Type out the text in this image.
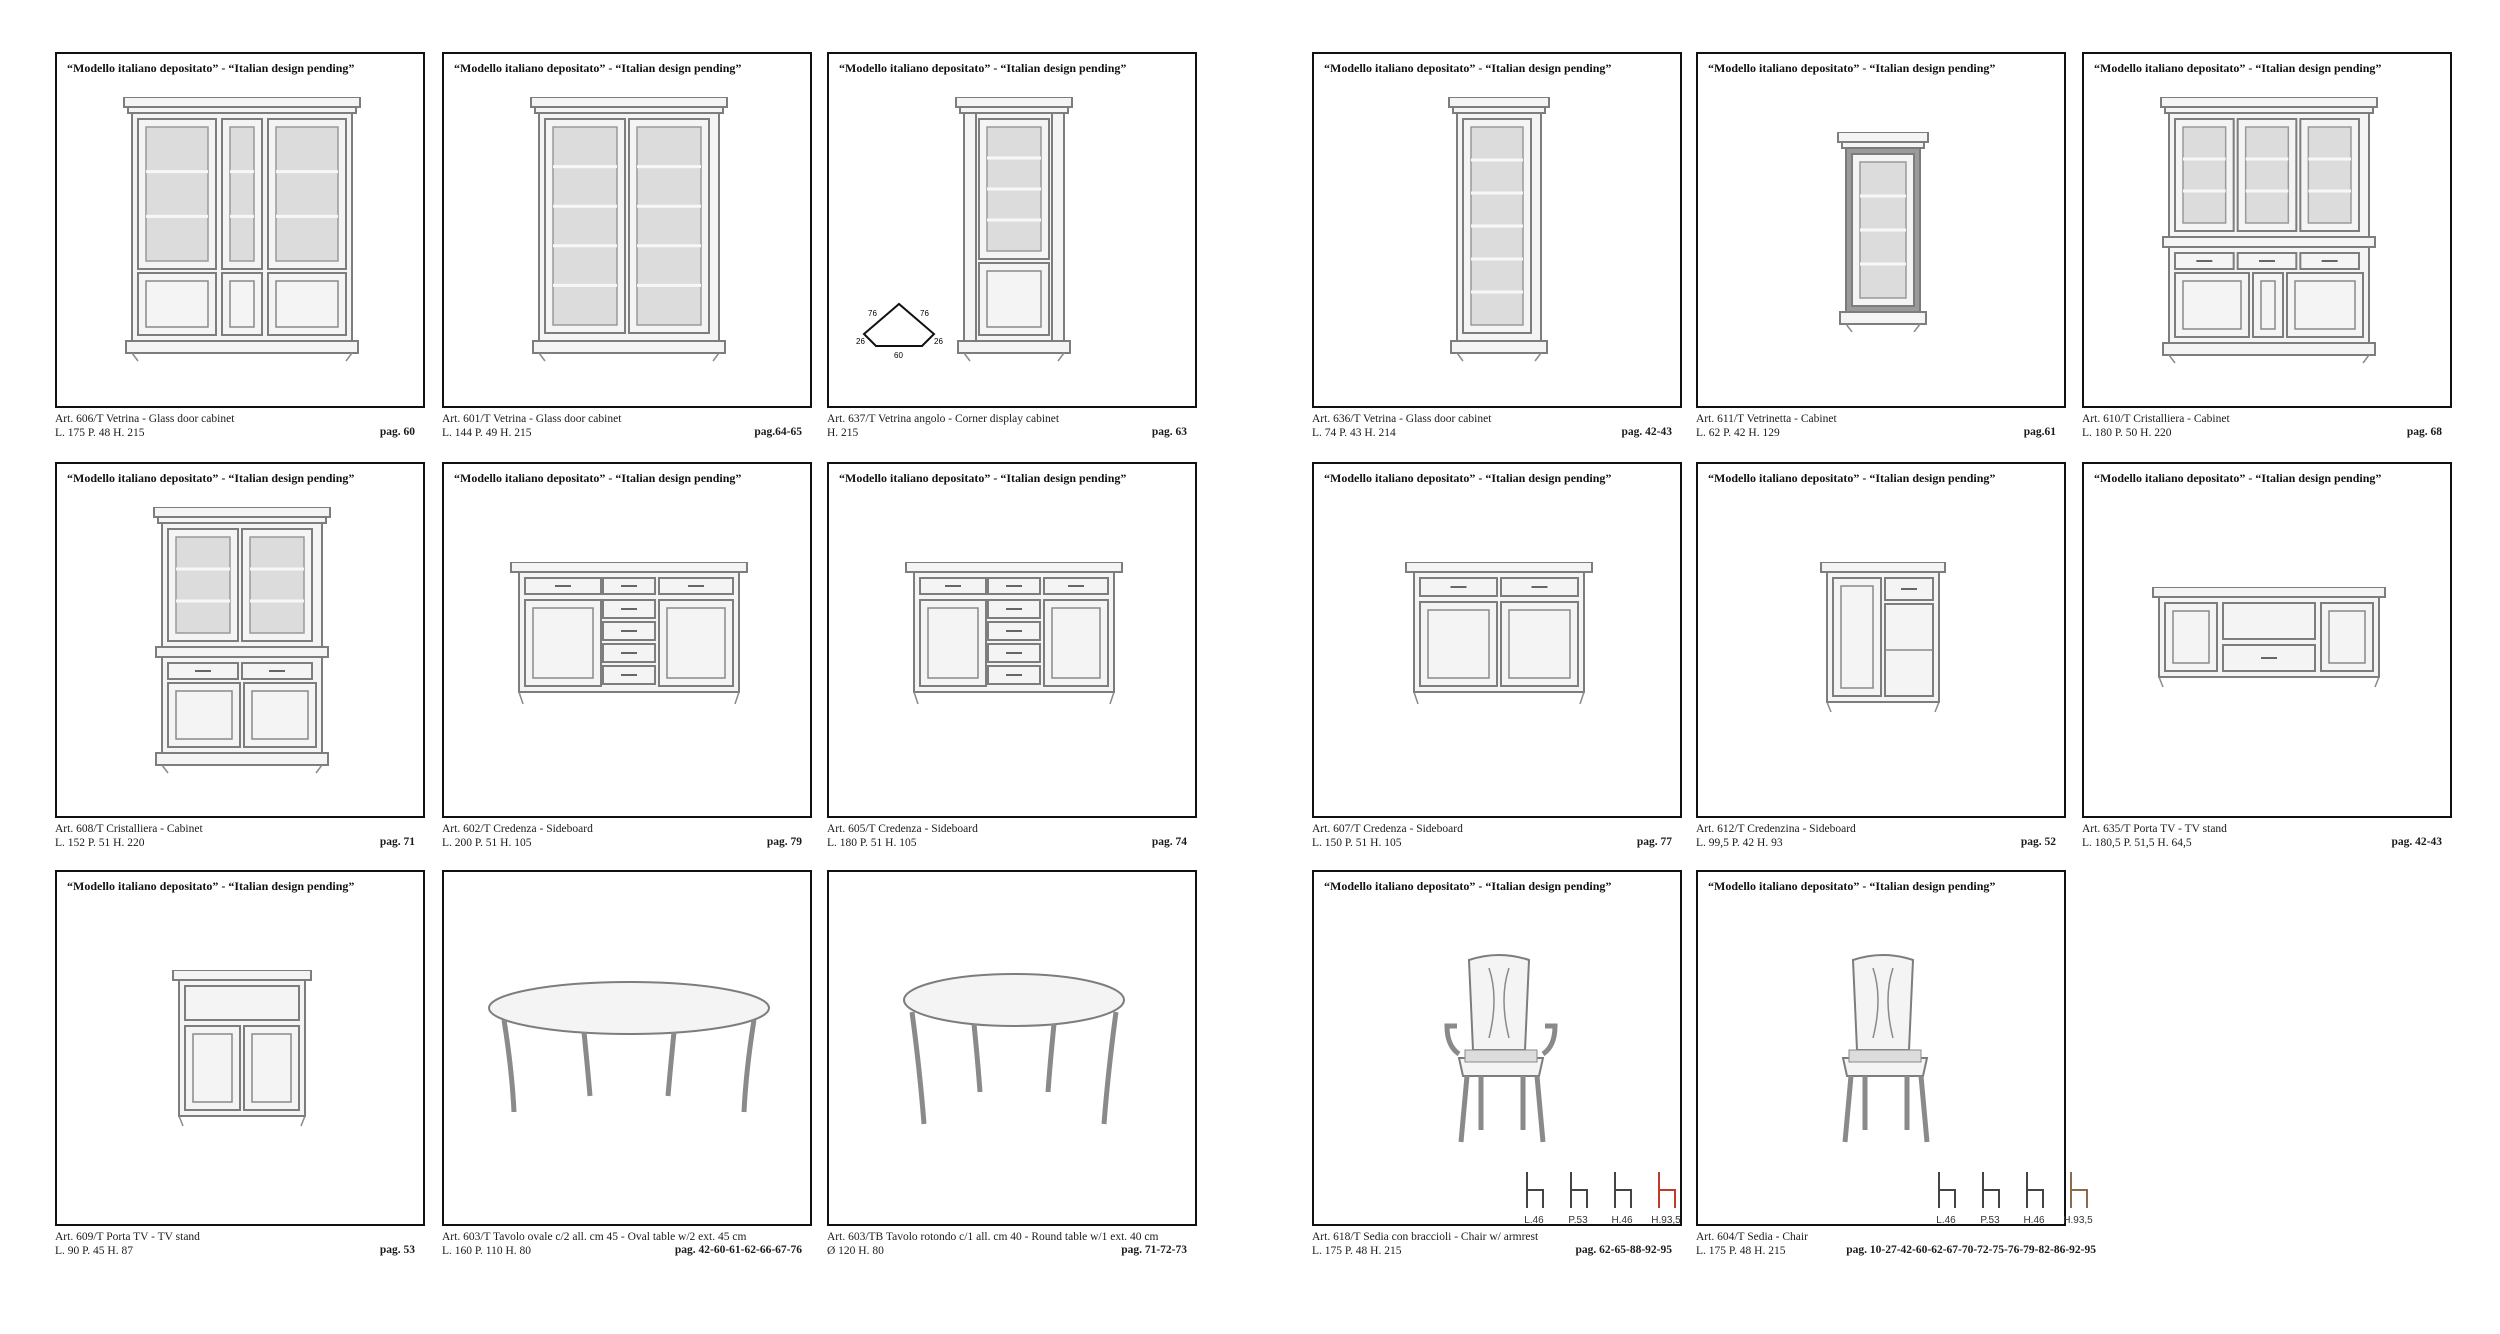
“Modello italiano depositato” - “Italian design pending”
Art. 606/T Vetrina - Glass door cabinet
L. 175 P. 48 H. 215	pag. 60
“Modello italiano depositato” - “Italian design pending”
Art. 601/T Vetrina - Glass door cabinet
L. 144 P. 49 H. 215	pag.64-65
“Modello italiano depositato” - “Italian design pending”
76	76
26	26
60
Art. 637/T Vetrina angolo - Corner display cabinet
H. 215	pag. 63
“Modello italiano depositato” - “Italian design pending”
Art. 636/T Vetrina - Glass door cabinet
L. 74 P. 43 H. 214	pag. 42-43
“Modello italiano depositato” - “Italian design pending”
Art. 611/T Vetrinetta - Cabinet
L. 62 P. 42 H. 129	pag.61
“Modello italiano depositato” - “Italian design pending”
Art. 610/T Cristalliera - Cabinet
L. 180 P. 50 H. 220	pag. 68
“Modello italiano depositato” - “Italian design pending”
Art. 608/T Cristalliera - Cabinet
L. 152 P. 51 H. 220	pag. 71
“Modello italiano depositato” - “Italian design pending”
Art. 602/T Credenza - Sideboard
L. 200 P. 51 H. 105	pag. 79
“Modello italiano depositato” - “Italian design pending”
Art. 605/T Credenza - Sideboard
L. 180 P. 51 H. 105	pag. 74
“Modello italiano depositato” - “Italian design pending”
Art. 607/T Credenza - Sideboard
L. 150 P. 51 H. 105	pag. 77
“Modello italiano depositato” - “Italian design pending”
Art. 612/T Credenzina - Sideboard
L. 99,5 P. 42 H. 93	pag. 52
“Modello italiano depositato” - “Italian design pending”
Art. 635/T Porta TV - TV stand
L. 180,5 P. 51,5 H. 64,5	pag. 42-43
“Modello italiano depositato” - “Italian design pending”
Art. 609/T Porta TV - TV stand
L. 90 P. 45 H. 87	pag. 53
Art. 603/T Tavolo ovale c/2 all. cm 45 - Oval table w/2 ext. 45 cm
L. 160 P. 110 H. 80	pag. 42-60-61-62-66-67-76
Art. 603/TB Tavolo rotondo c/1 all. cm 40 - Round table w/1 ext. 40 cm
Ø 120 H. 80	pag. 71-72-73
“Modello italiano depositato” - “Italian design pending”
L.46	P.53	H.46	H.93,5
Art. 618/T Sedia con braccioli - Chair w/ armrest
L. 175 P. 48 H. 215	pag. 62-65-88-92-95
“Modello italiano depositato” - “Italian design pending”
L.46	P.53	H.46	H.93,5
Art. 604/T Sedia - Chair
L. 175 P. 48 H. 215	pag. 10-27-42-60-62-67-70-72-75-76-79-82-86-92-95
